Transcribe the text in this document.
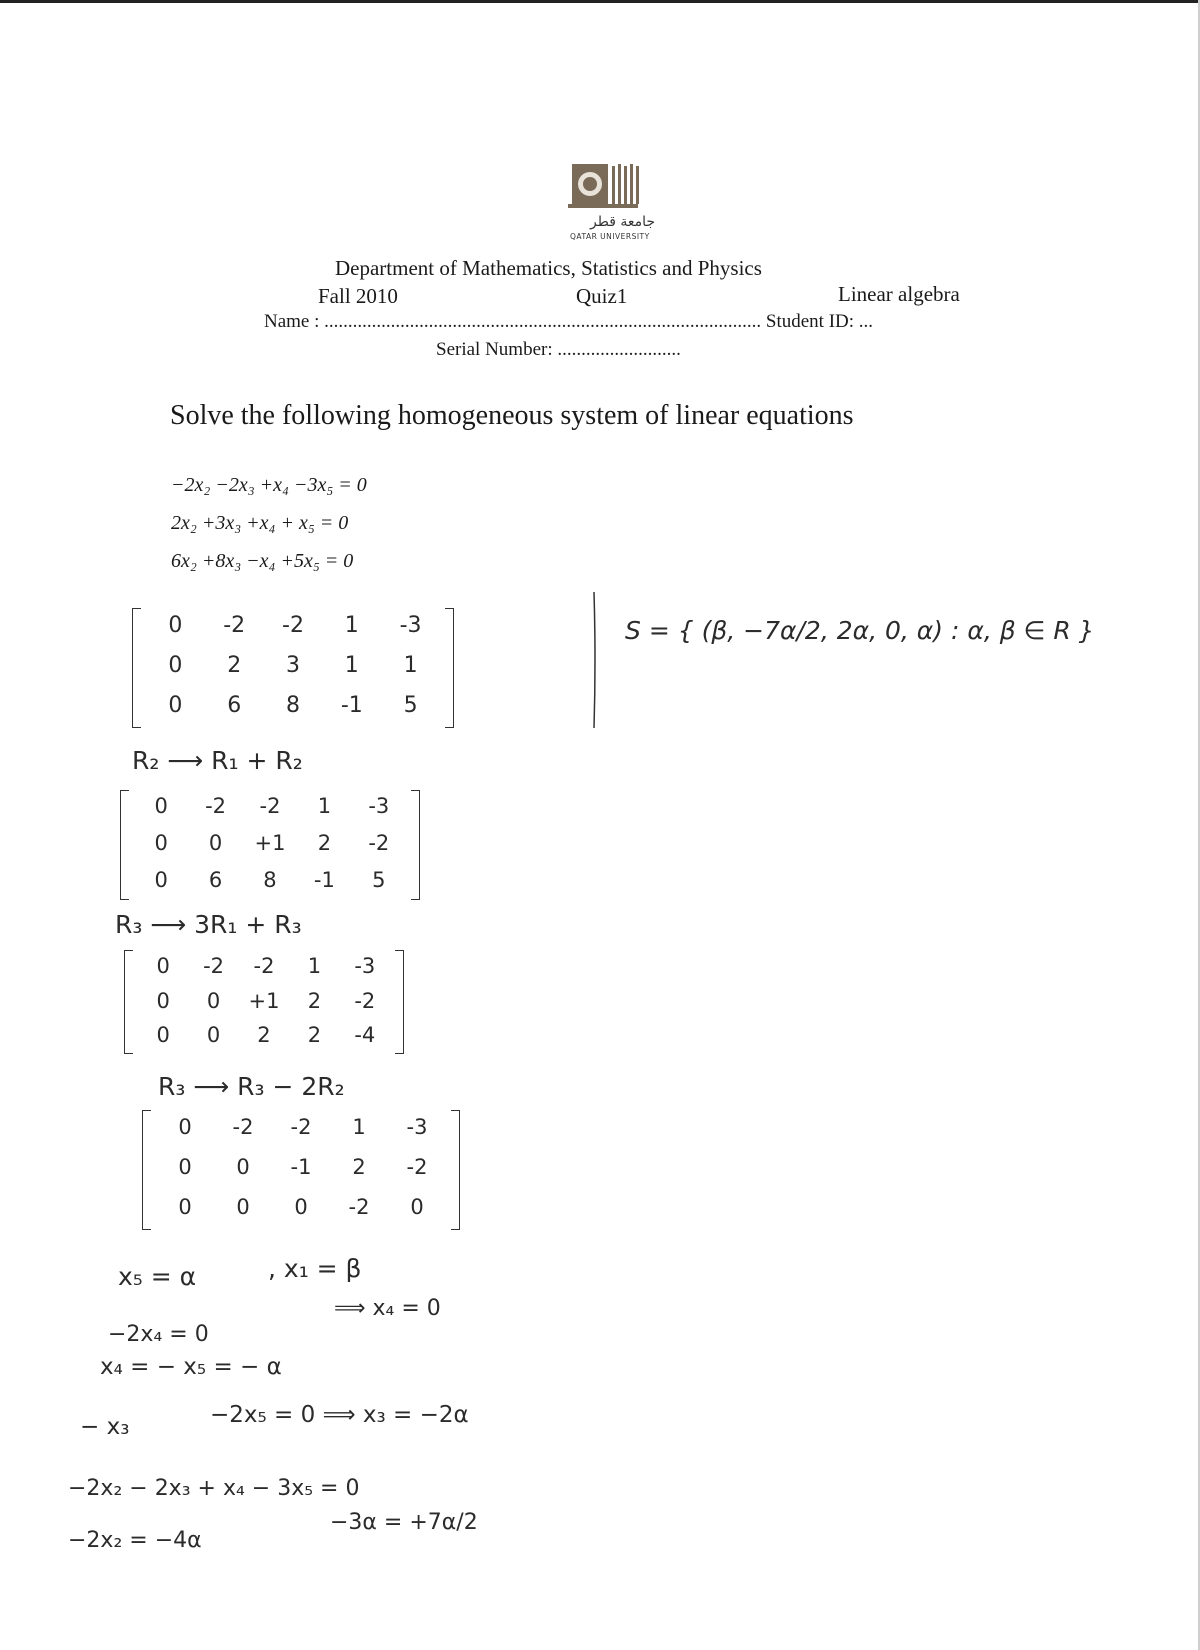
جامعة قطر
QATAR UNIVERSITY
Department of Mathematics, Statistics and Physics
Fall 2010	Quiz1	Linear algebra
Name : ............................................................................................ Student ID: ...
Serial Number: ..........................
Solve the following homogeneous system of linear equations
−2x₂ −2x₃ +x₄ −3x₅ = 0
2x₂ +3x₃ +x₄ + x₅ = 0
6x₂ +8x₃ −x₄ +5x₅ = 0
S = { (β, −7α/2, 2α, 0, α) : α, β ∈ R }
0	-2	-2	1	-3
0	2	3	1	1
0	6	8	-1	5
R₂ ⟶ R₁ + R₂
0	-2	-2	1	-3
0	0	+1	2	-2
0	6	8	-1	5
R₃ ⟶ 3R₁ + R₃
0	-2	-2	1	-3
0	0	+1	2	-2
0	0	2	2	-4
R₃ ⟶ R₃ − 2R₂
0	-2	-2	1	-3
0	0	-1	2	-2
0	0	0	-2	0
x₅ = α	, x₁ = β
−2x₄ = 0
⟹ x₄ = 0
x₄ = − x₅ = − α
− x₃	−2x₅ = 0 ⟹ x₃ = −2α
−2x₂ − 2x₃ + x₄ − 3x₅ = 0
−3α = +7α/2
−2x₂ = −4α
